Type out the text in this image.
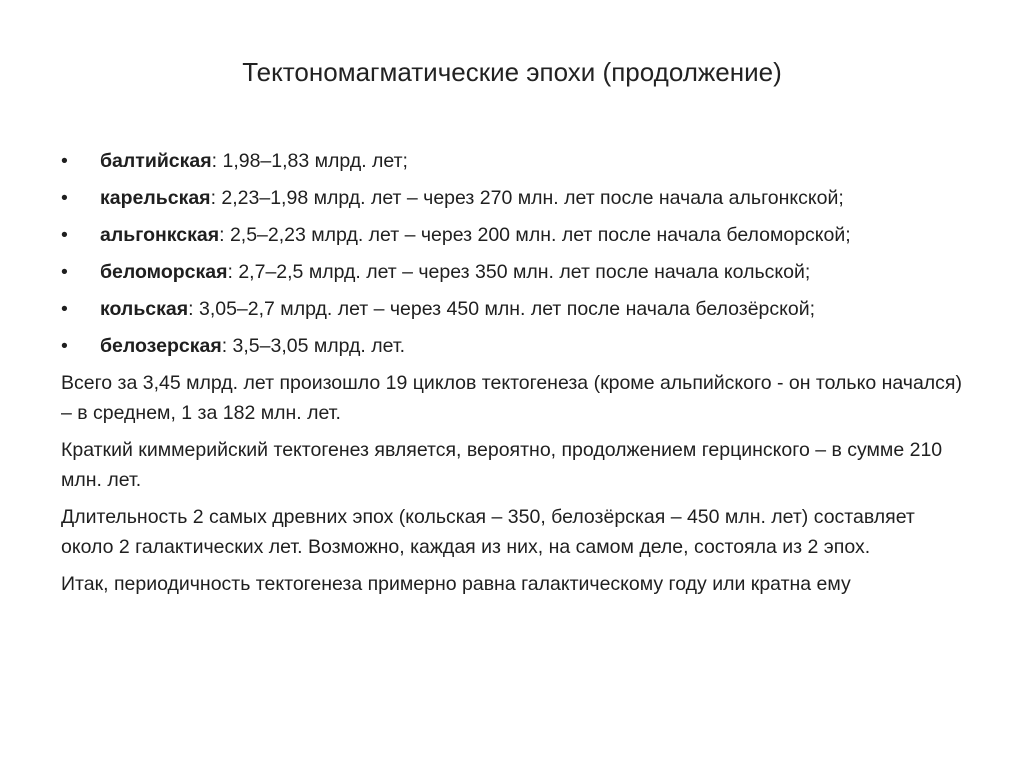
Тектономагматические эпохи (продолжение)
•	балтийская: 1,98–1,83 млрд. лет;
•	карельская: 2,23–1,98 млрд. лет – через 270 млн. лет после начала альгонкской;
•	альгонкская: 2,5–2,23 млрд. лет – через 200 млн. лет после начала беломорской;
•	беломорская: 2,7–2,5 млрд. лет – через 350 млн. лет после начала кольской;
•	кольская: 3,05–2,7 млрд. лет – через 450 млн. лет после начала белозёрской;
•	белозерская: 3,5–3,05 млрд. лет.

Всего за 3,45 млрд. лет произошло 19 циклов тектогенеза (кроме альпийского - он только начался) – в среднем, 1 за 182 млн. лет.

Краткий киммерийский тектогенез является, вероятно, продолжением герцинского – в сумме 210 млн. лет.

Длительность 2 самых древних эпох (кольская – 350, белозёрская – 450 млн. лет) составляет около 2 галактических лет. Возможно, каждая из них, на самом деле, состояла из 2 эпох.

Итак, периодичность тектогенеза примерно равна галактическому году или кратна ему
